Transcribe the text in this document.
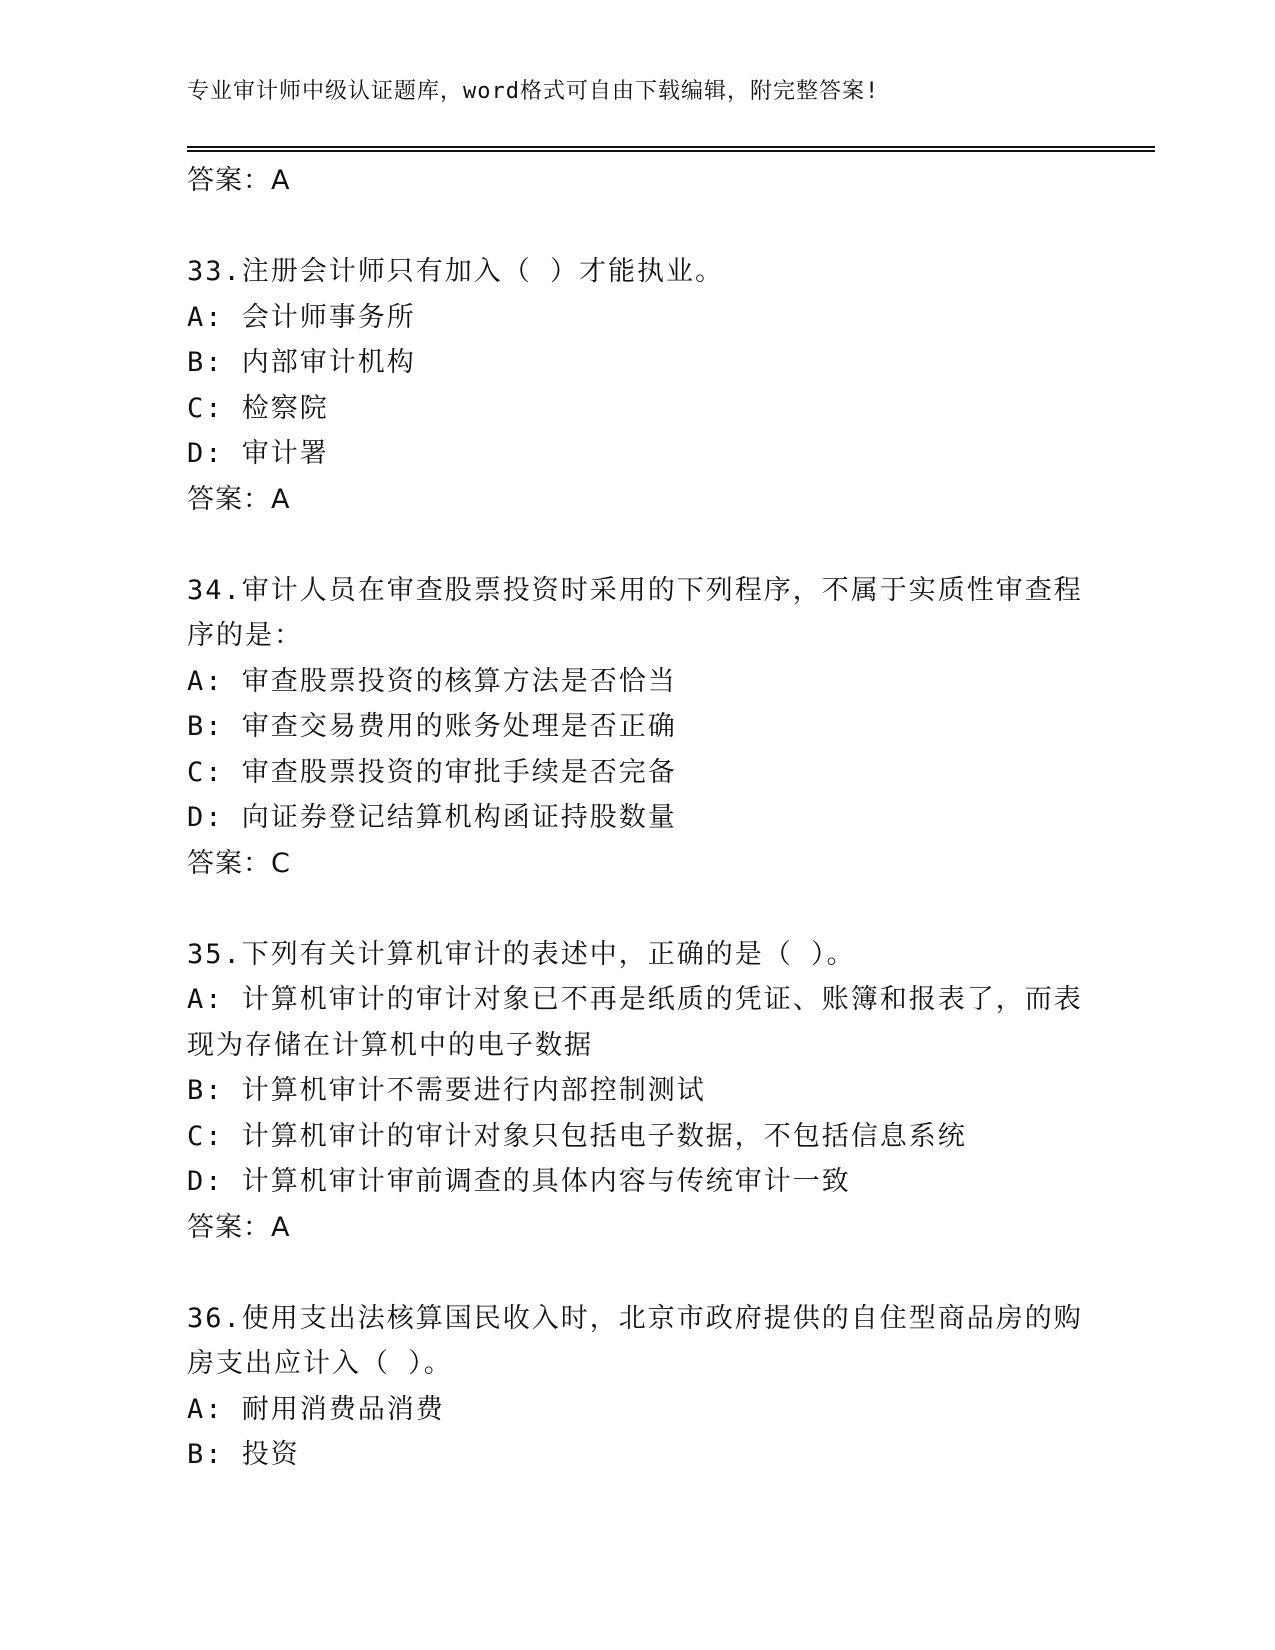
专业审计师中级认证题库，word格式可自由下载编辑，附完整答案!
答案：A
33.注册会计师只有加入（ ）才能执业。
A: 会计师事务所
B: 内部审计机构
C: 检察院
D: 审计署
答案：A
34.审计人员在审查股票投资时采用的下列程序，不属于实质性审查程
序的是：
A: 审查股票投资的核算方法是否恰当
B: 审查交易费用的账务处理是否正确
C: 审查股票投资的审批手续是否完备
D: 向证券登记结算机构函证持股数量
答案：C
35.下列有关计算机审计的表述中，正确的是（ ）。
A: 计算机审计的审计对象已不再是纸质的凭证、账簿和报表了，而表
现为存储在计算机中的电子数据
B: 计算机审计不需要进行内部控制测试
C: 计算机审计的审计对象只包括电子数据，不包括信息系统
D: 计算机审计审前调查的具体内容与传统审计一致
答案：A
36.使用支出法核算国民收入时，北京市政府提供的自住型商品房的购
房支出应计入（ ）。
A: 耐用消费品消费
B: 投资
